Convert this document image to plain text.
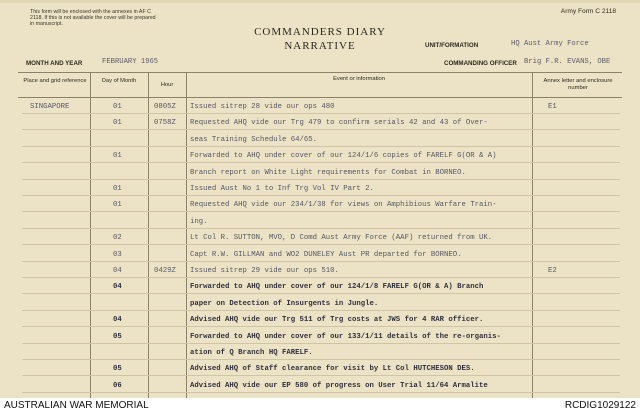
This form will be enclosed with the annexes in AF C 2118. If this is not available the cover will be prepared in manuscript.
Army Form C 2118
COMMANDERS DIARY
NARRATIVE	UNIT/FORMATION	HQ Aust Army Force
MONTH AND YEAR	FEBRUARY 1965	COMMANDING OFFICER Brig F.R. EVANS, OBE
Place and grid reference	Day of Month
Hour
Event or information	Annex letter and enclosure number
SINGAPORE	01	0805Z Issued sitrep 28 vide our ops 480	E1
01	0758Z Requested AHQ vide our Trg 479 to confirm serials 42 and 43 of Over-
seas Training Schedule 64/65.
01	Forwarded to AHQ under cover of our 124/1/6 copies of FARELF G(OR & A)
Branch report on White Light requirements for Combat in BORNEO.
01	Issued Aust No 1 to Inf Trg Vol IV Part 2.
01	Requested AHQ vide our 234/1/38 for views on Amphibious Warfare Train-
ing.
02	Lt Col R. SUTTON, MVO, D Comd Aust Army Force (AAF) returned from UK.
03	Capt R.W. GILLMAN and WO2 DUNELEY Aust PR departed for BORNEO.
04	0429Z Issued sitrep 29 vide our ops 510.	E2
04	Forwarded to AHQ under cover of our 124/1/8 FARELF G(OR & A) Branch
paper on Detection of Insurgents in Jungle.
04	Advised AHQ vide our Trg 511 of Trg costs at JWS for 4 RAR officer.
05	Forwarded to AHQ under cover of our 133/1/11 details of the re-organis-
ation of Q Branch HQ FARELF.
05	Advised AHQ of Staff clearance for visit by Lt Col HUTCHESON DES.
06	Advised AHQ vide our EP 580 of progress on User Trial 11/64 Armalite
AUSTRALIAN WAR MEMORIAL	RCDIG1029122
